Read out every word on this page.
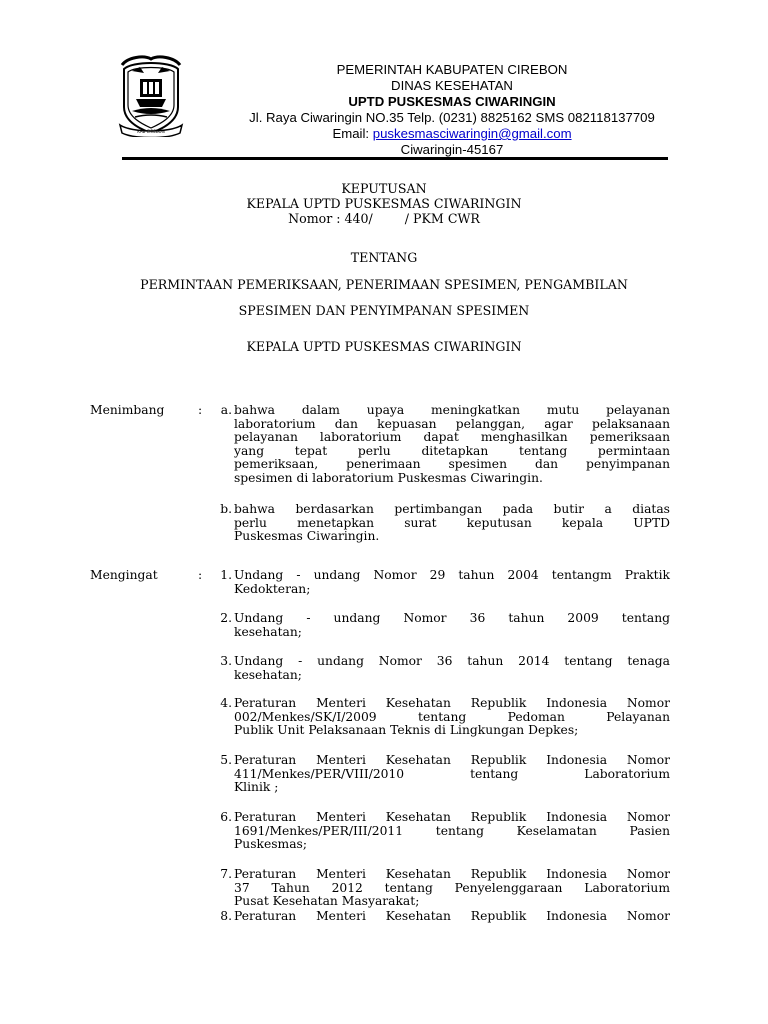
KAB CIREBON
PEMERINTAH KABUPATEN CIREBON
DINAS KESEHATAN
UPTD PUSKESMAS CIWARINGIN
Jl. Raya Ciwaringin NO.35 Telp. (0231) 8825162 SMS 082118137709
Email: puskesmasciwaringin@gmail.com
Ciwaringin-45167
KEPUTUSAN
KEPALA UPTD PUSKESMAS CIWARINGIN
Nomor : 440/        / PKM CWR
TENTANG
PERMINTAAN PEMERIKSAAN, PENERIMAAN SPESIMEN, PENGAMBILAN
SPESIMEN DAN PENYIMPANAN SPESIMEN
KEPALA UPTD PUSKESMAS CIWARINGIN
Menimbang	:	a. bahwa dalam upaya meningkatkan mutu pelayanan
laboratorium dan kepuasan pelanggan, agar pelaksanaan
pelayanan laboratorium dapat menghasilkan pemeriksaan
yang tepat perlu ditetapkan tentang permintaan
pemeriksaan, penerimaan spesimen dan penyimpanan
spesimen di laboratorium Puskesmas Ciwaringin.
b. bahwa berdasarkan pertimbangan pada butir a diatas
perlu menetapkan surat keputusan kepala UPTD
Puskesmas Ciwaringin.
Mengingat	:	1. Undang - undang Nomor 29 tahun 2004 tentangm Praktik
Kedokteran;
2. Undang - undang Nomor 36 tahun 2009 tentang
kesehatan;
3. Undang - undang Nomor 36 tahun 2014 tentang tenaga
kesehatan;
4. Peraturan Menteri Kesehatan Republik Indonesia Nomor
002/Menkes/SK/I/2009 tentang Pedoman Pelayanan
Publik Unit Pelaksanaan Teknis di Lingkungan Depkes;
5. Peraturan Menteri Kesehatan Republik Indonesia Nomor
411/Menkes/PER/VIII/2010 tentang Laboratorium
Klinik ;
6. Peraturan Menteri Kesehatan Republik Indonesia Nomor
1691/Menkes/PER/III/2011 tentang Keselamatan Pasien
Puskesmas;
7. Peraturan Menteri Kesehatan Republik Indonesia Nomor
37 Tahun 2012 tentang Penyelenggaraan Laboratorium
Pusat Kesehatan Masyarakat;
8. Peraturan Menteri Kesehatan Republik Indonesia Nomor
